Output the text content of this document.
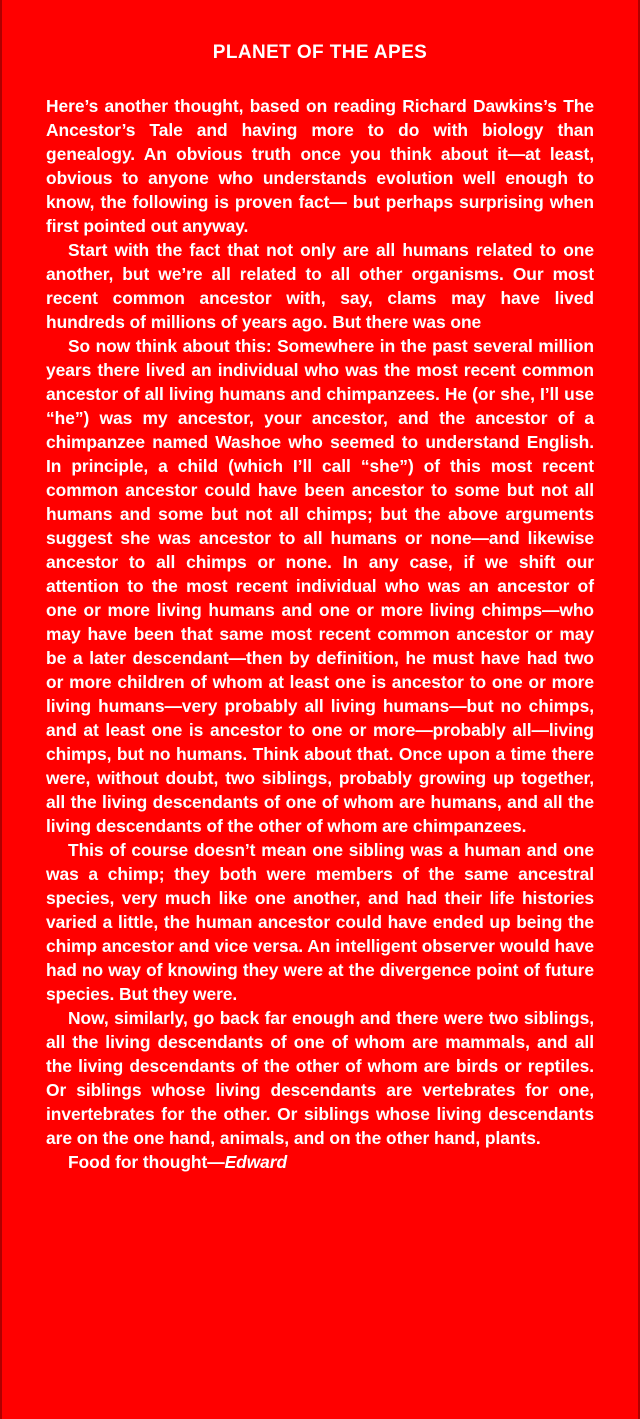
PLANET OF THE APES

Here’s another thought, based on reading Richard Dawkins’s The Ancestor’s Tale and having more to do with biology than genealogy. An obvious truth once you think about it—at least, obvious to anyone who understands evolution well enough to know, the following is proven fact— but perhaps surprising when first pointed out anyway.

Start with the fact that not only are all humans related to one another, but we’re all related to all other organisms. Our most recent common ancestor with, say, clams may have lived hundreds of millions of years ago. But there was one

So now think about this: Somewhere in the past several million years there lived an individual who was the most recent common ancestor of all living humans and chimpanzees. He (or she, I’ll use “he”) was my ancestor, your ancestor, and the ancestor of a chimpanzee named Washoe who seemed to understand English. In principle, a child (which I’ll call “she”) of this most recent common ancestor could have been ancestor to some but not all humans and some but not all chimps; but the above arguments suggest she was ancestor to all humans or none—and likewise ancestor to all chimps or none. In any case, if we shift our attention to the most recent individual who was an ancestor of one or more living humans and one or more living chimps—who may have been that same most recent common ancestor or may be a later descendant—then by definition, he must have had two or more children of whom at least one is ancestor to one or more living humans—very probably all living humans—but no chimps, and at least one is ancestor to one or more—probably all—living chimps, but no humans. Think about that. Once upon a time there were, without doubt, two siblings, probably growing up together, all the living descendants of one of whom are humans, and all the living descendants of the other of whom are chimpanzees.

This of course doesn’t mean one sibling was a human and one was a chimp; they both were members of the same ancestral species, very much like one another, and had their life histories varied a little, the human ancestor could have ended up being the chimp ancestor and vice versa. An intelligent observer would have had no way of knowing they were at the divergence point of future species. But they were.

Now, similarly, go back far enough and there were two siblings, all the living descendants of one of whom are mammals, and all the living descendants of the other of whom are birds or reptiles. Or siblings whose living descendants are vertebrates for one, invertebrates for the other. Or siblings whose living descendants are on the one hand, animals, and on the other hand, plants.

Food for thought—Edward
